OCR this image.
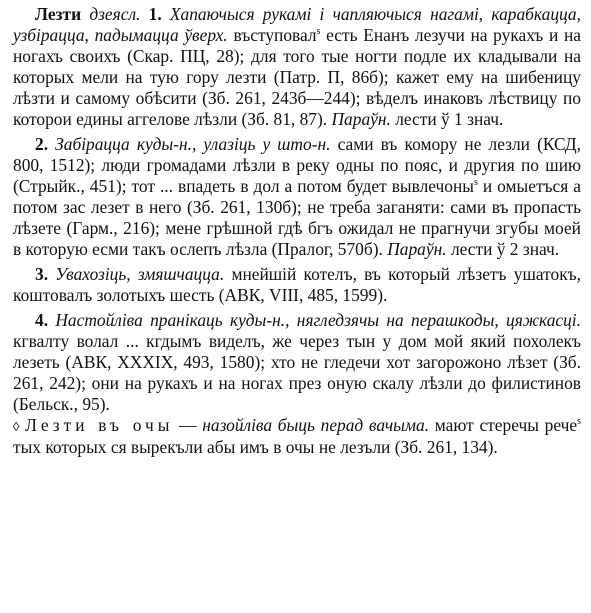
Лезти дзеясл. 1. Хапаючыся рукамі і чапляючыся нагамі, карабкацца, узбірацца, падымацца ўверх. въступовал$^s$ есть Енанъ лезучи на рукахъ и на ногахъ своихъ (Скар. ПЦ, 28); для того тые ногти подле их кладывали на которых мели на тую гору лезти (Патр. П, 86б); кажет ему на шибеницу лѣзти и самому обѣсити (Зб. 261, 243б—244); вѣделъ инаковъ лѣствицу по которои едины аггелове лѣзли (Зб. 81, 87). Параўн. лести ў 1 знач.

2. Забірацца куды-н., улазіць у што-н. сами въ комору не лезли (КСД, 800, 1512); люди громадами лѣзли в реку одны по пояс, и другия по шию (Стрыйк., 451); тот ... впадеть в дол а потом будет вывлечоны$^s$ и омыетъся а потом зас лезет в него (Зб. 261, 130б); не треба заганяти: сами въ пропасть лѣзете (Гарм., 216); мене грѣшной гдѣ бгъ ожидал не прагнучи згубы моей в которую есми такъ ослепъ лѣзла (Пралог, 570б). Параўн. лести ў 2 знач.

3. Увахозіць, змяшчацца. мнейшій котелъ, въ который лѣзетъ ушатокъ, коштовалъ золотыхъ шесть (АВК, VIII, 485, 1599).

4. Настойліва пранікаць куды-н., нягледзячы на перашкоды, цяжкасці. кгвалту волал ... кгдымъ виделъ, же через тын у дом мой який похолекъ лезеть (АВК, XXXIX, 493, 1580); хто не гледечи хот загорожоно лѣзет (Зб. 261, 242); они на рукахъ и на ногах през оную скалу лѣзли до филистинов (Бельск., 95).
◊ Лезти въ очы — назойліва быць перад вачыма. мают стеречы рече$^s$ тых которых ся вырекъли абы имъ в очы не лезъли (Зб. 261, 134).
